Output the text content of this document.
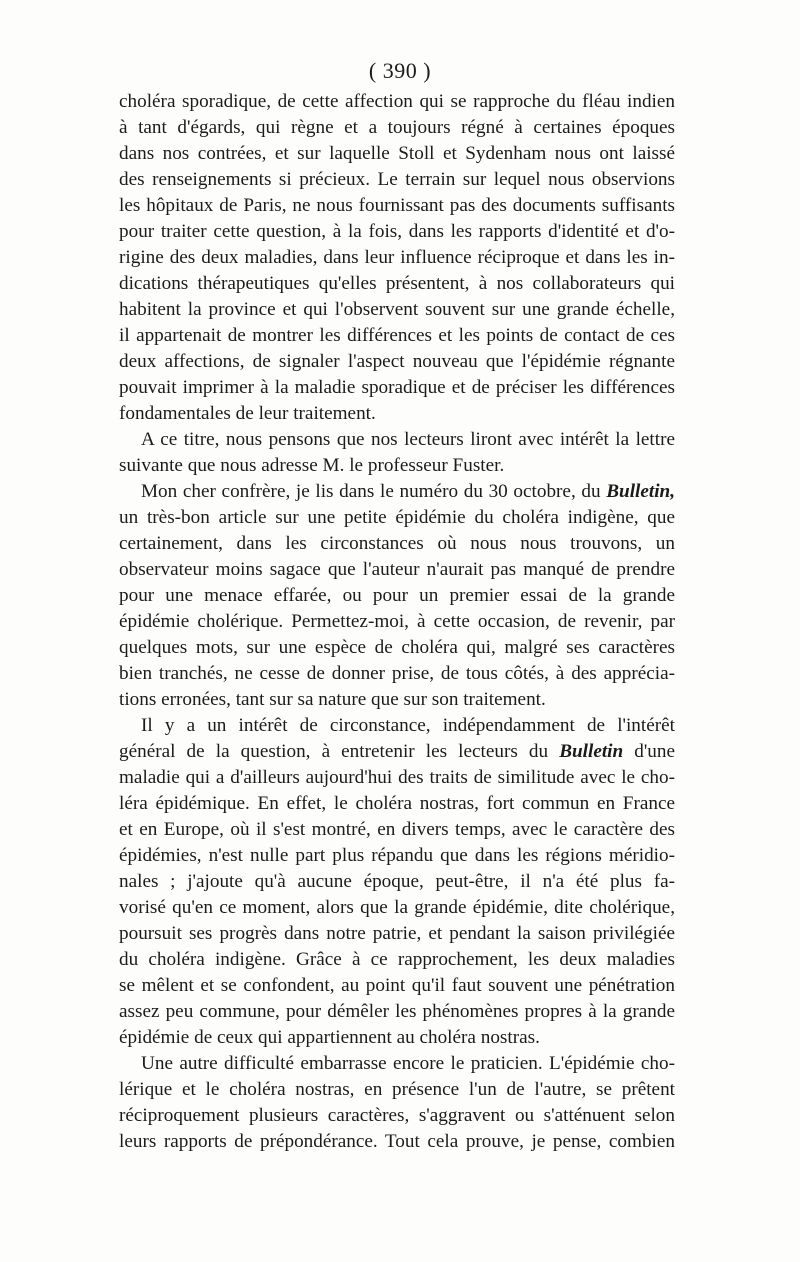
( 390 )
choléra sporadique, de cette affection qui se rapproche du fléau indien
à tant d'égards, qui règne et a toujours régné à certaines époques
dans nos contrées, et sur laquelle Stoll et Sydenham nous ont laissé
des renseignements si précieux. Le terrain sur lequel nous observions
les hôpitaux de Paris, ne nous fournissant pas des documents suffisants
pour traiter cette question, à la fois, dans les rapports d'identité et d'o-
rigine des deux maladies, dans leur influence réciproque et dans les in-
dications thérapeutiques qu'elles présentent, à nos collaborateurs qui
habitent la province et qui l'observent souvent sur une grande échelle,
il appartenait de montrer les différences et les points de contact de ces
deux affections, de signaler l'aspect nouveau que l'épidémie régnante
pouvait imprimer à la maladie sporadique et de préciser les différences
fondamentales de leur traitement.
A ce titre, nous pensons que nos lecteurs liront avec intérêt la lettre
suivante que nous adresse M. le professeur Fuster.
Mon cher confrère, je lis dans le numéro du 30 octobre, du Bulletin,
un très-bon article sur une petite épidémie du choléra indigène, que
certainement, dans les circonstances où nous nous trouvons, un
observateur moins sagace que l'auteur n'aurait pas manqué de prendre
pour une menace effarée, ou pour un premier essai de la grande
épidémie cholérique. Permettez-moi, à cette occasion, de revenir, par
quelques mots, sur une espèce de choléra qui, malgré ses caractères
bien tranchés, ne cesse de donner prise, de tous côtés, à des apprécia-
tions erronées, tant sur sa nature que sur son traitement.
Il y a un intérêt de circonstance, indépendamment de l'intérêt
général de la question, à entretenir les lecteurs du Bulletin d'une
maladie qui a d'ailleurs aujourd'hui des traits de similitude avec le cho-
léra épidémique. En effet, le choléra nostras, fort commun en France
et en Europe, où il s'est montré, en divers temps, avec le caractère des
épidémies, n'est nulle part plus répandu que dans les régions méridio-
nales ; j'ajoute qu'à aucune époque, peut-être, il n'a été plus fa-
vorisé qu'en ce moment, alors que la grande épidémie, dite cholérique,
poursuit ses progrès dans notre patrie, et pendant la saison privilégiée
du choléra indigène. Grâce à ce rapprochement, les deux maladies
se mêlent et se confondent, au point qu'il faut souvent une pénétration
assez peu commune, pour démêler les phénomènes propres à la grande
épidémie de ceux qui appartiennent au choléra nostras.
Une autre difficulté embarrasse encore le praticien. L'épidémie cho-
lérique et le choléra nostras, en présence l'un de l'autre, se prêtent
réciproquement plusieurs caractères, s'aggravent ou s'atténuent selon
leurs rapports de prépondérance. Tout cela prouve, je pense, combien
